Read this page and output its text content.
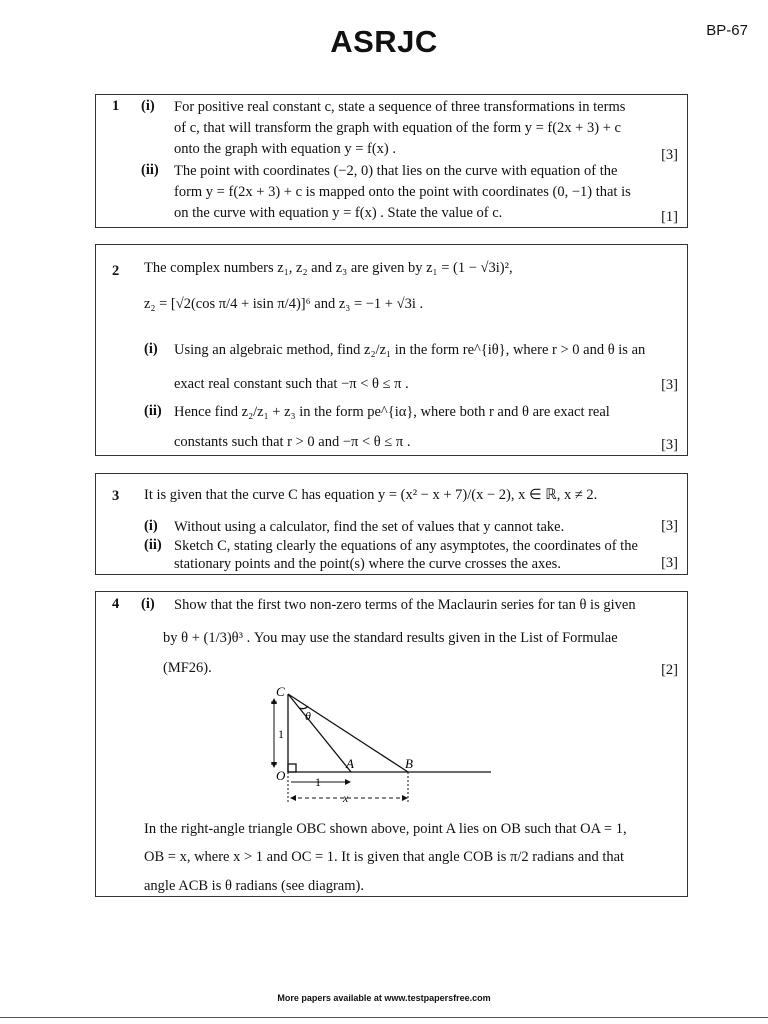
ASRJC	BP-67
1 (i) For positive real constant c, state a sequence of three transformations in terms
of c, that will transform the graph with equation of the form y = f(2x + 3) + c
onto the graph with equation y = f(x) .	[3]
(ii) The point with coordinates (−2, 0) that lies on the curve with equation of the
form y = f(2x + 3) + c is mapped onto the point with coordinates (0, −1) that is
on the curve with equation y = f(x) . State the value of c.	[1]
2 The complex numbers z₁, z₂ and z₃ are given by z₁ = (1 − √3i)²,
z₂ = [√2(cos π/4 + isin π/4)]⁶ and z₃ = −1 + √3i .
(i) Using an algebraic method, find z₂/z₁ in the form re^{iθ}, where r > 0 and θ is an
exact real constant such that −π < θ ≤ π .	[3]
(ii) Hence find z₂/z₁ + z₃ in the form pe^{iα}, where both r and θ are exact real
constants such that r > 0 and −π < θ ≤ π .	[3]
3 It is given that the curve C has equation y = (x² − x + 7)/(x − 2), x ∈ ℝ, x ≠ 2.
(i) Without using a calculator, find the set of values that y cannot take.	[3]
(ii) Sketch C, stating clearly the equations of any asymptotes, the coordinates of the
stationary points and the point(s) where the curve crosses the axes.	[3]
4 (i) Show that the first two non-zero terms of the Maclaurin series for tan θ is given
by θ + (1/3)θ³ . You may use the standard results given in the List of Formulae
(MF26).	[2]
C
O
A	B
θ
1
1
x
In the right-angle triangle OBC shown above, point A lies on OB such that OA = 1,
OB = x, where x > 1 and OC = 1. It is given that angle COB is π/2 radians and that
angle ACB is θ radians (see diagram).
More papers available at www.testpapersfree.com
